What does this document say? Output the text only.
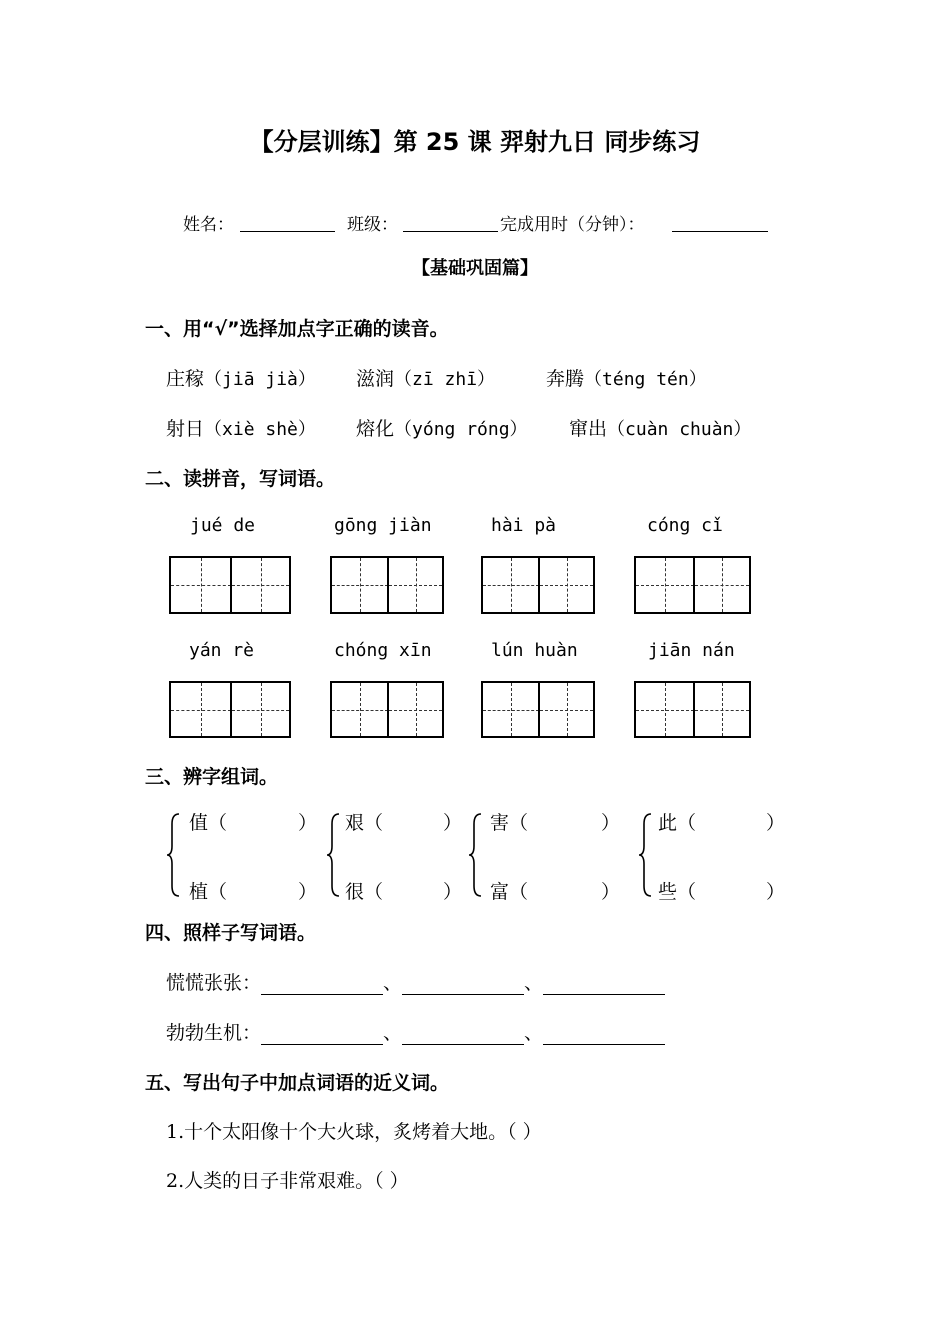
【分层训练】第 25 课 羿射九日 同步练习
姓名：	班级：	完成用时（分钟）：
【基础巩固篇】
一、用“√”选择加点字正确的读音。
庄稼（jiā jià） 滋润（zī zhī）	奔腾（téng tén）
射日（xiè shè） 熔化（yóng róng） 窜出（cuàn chuàn）
二、读拼音，写词语。
jué de	gōng jiàn	hài pà	cóng cǐ
yán rè	chóng xīn	lún huàn	jiān nán
三、辨字组词。
值（	）
植（	）
艰（	）
很（	）
害（	）
富（	）
此（	）
些（	）
四、照样子写词语。
慌慌张张：	、	、
勃勃生机：	、	、
五、写出句子中加点词语的近义词。
1.十个太阳像十个大火球，炙烤着大地。（ ）
2.人类的日子非常艰难。（ ）
